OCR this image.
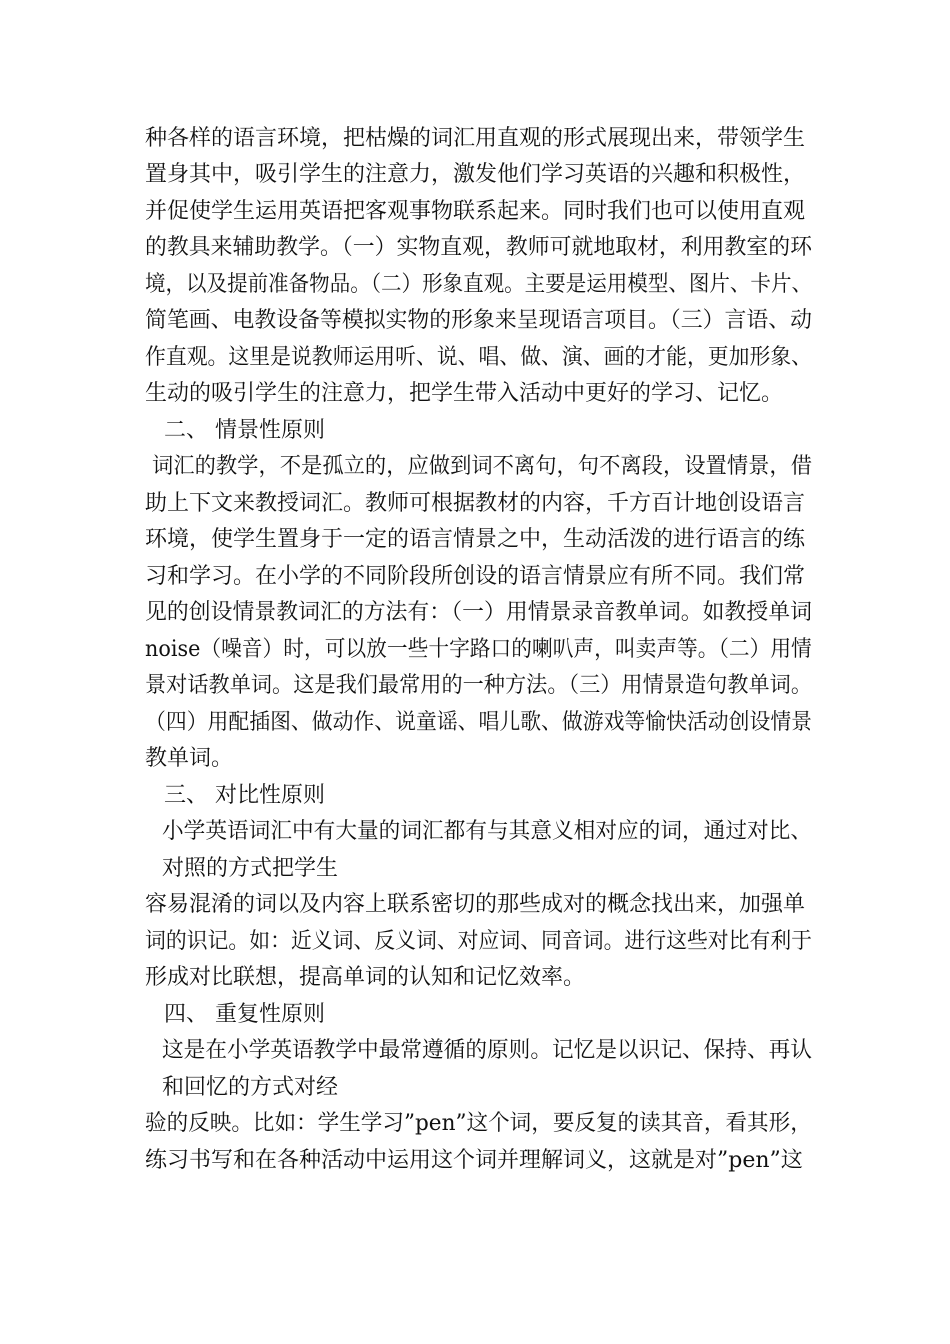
种各样的语言环境，把枯燥的词汇用直观的形式展现出来，带领学生
置身其中，吸引学生的注意力，激发他们学习英语的兴趣和积极性，
并促使学生运用英语把客观事物联系起来。同时我们也可以使用直观
的教具来辅助教学。（一）实物直观，教师可就地取材，利用教室的环
境，以及提前准备物品。（二）形象直观。主要是运用模型、图片、卡片、
简笔画、电教设备等模拟实物的形象来呈现语言项目。（三）言语、动
作直观。这里是说教师运用听、说、唱、做、演、画的才能，更加形象、
生动的吸引学生的注意力，把学生带入活动中更好的学习、记忆。
二、 情景性原则
词汇的教学，不是孤立的，应做到词不离句，句不离段，设置情景，借
助上下文来教授词汇。教师可根据教材的内容，千方百计地创设语言
环境，使学生置身于一定的语言情景之中，生动活泼的进行语言的练
习和学习。在小学的不同阶段所创设的语言情景应有所不同。我们常
见的创设情景教词汇的方法有：（一）用情景录音教单词。如教授单词
noise（噪音）时，可以放一些十字路口的喇叭声，叫卖声等。（二）用情
景对话教单词。这是我们最常用的一种方法。（三）用情景造句教单词。
（四）用配插图、做动作、说童谣、唱儿歌、做游戏等愉快活动创设情景
教单词。
三、 对比性原则
小学英语词汇中有大量的词汇都有与其意义相对应的词，通过对比、
对照的方式把学生
容易混淆的词以及内容上联系密切的那些成对的概念找出来，加强单
词的识记。如：近义词、反义词、对应词、同音词。进行这些对比有利于
形成对比联想，提高单词的认知和记忆效率。
四、 重复性原则
这是在小学英语教学中最常遵循的原则。记忆是以识记、保持、再认
和回忆的方式对经
验的反映。比如：学生学习”pen”这个词，要反复的读其音，看其形，
练习书写和在各种活动中运用这个词并理解词义，这就是对”pen”这
